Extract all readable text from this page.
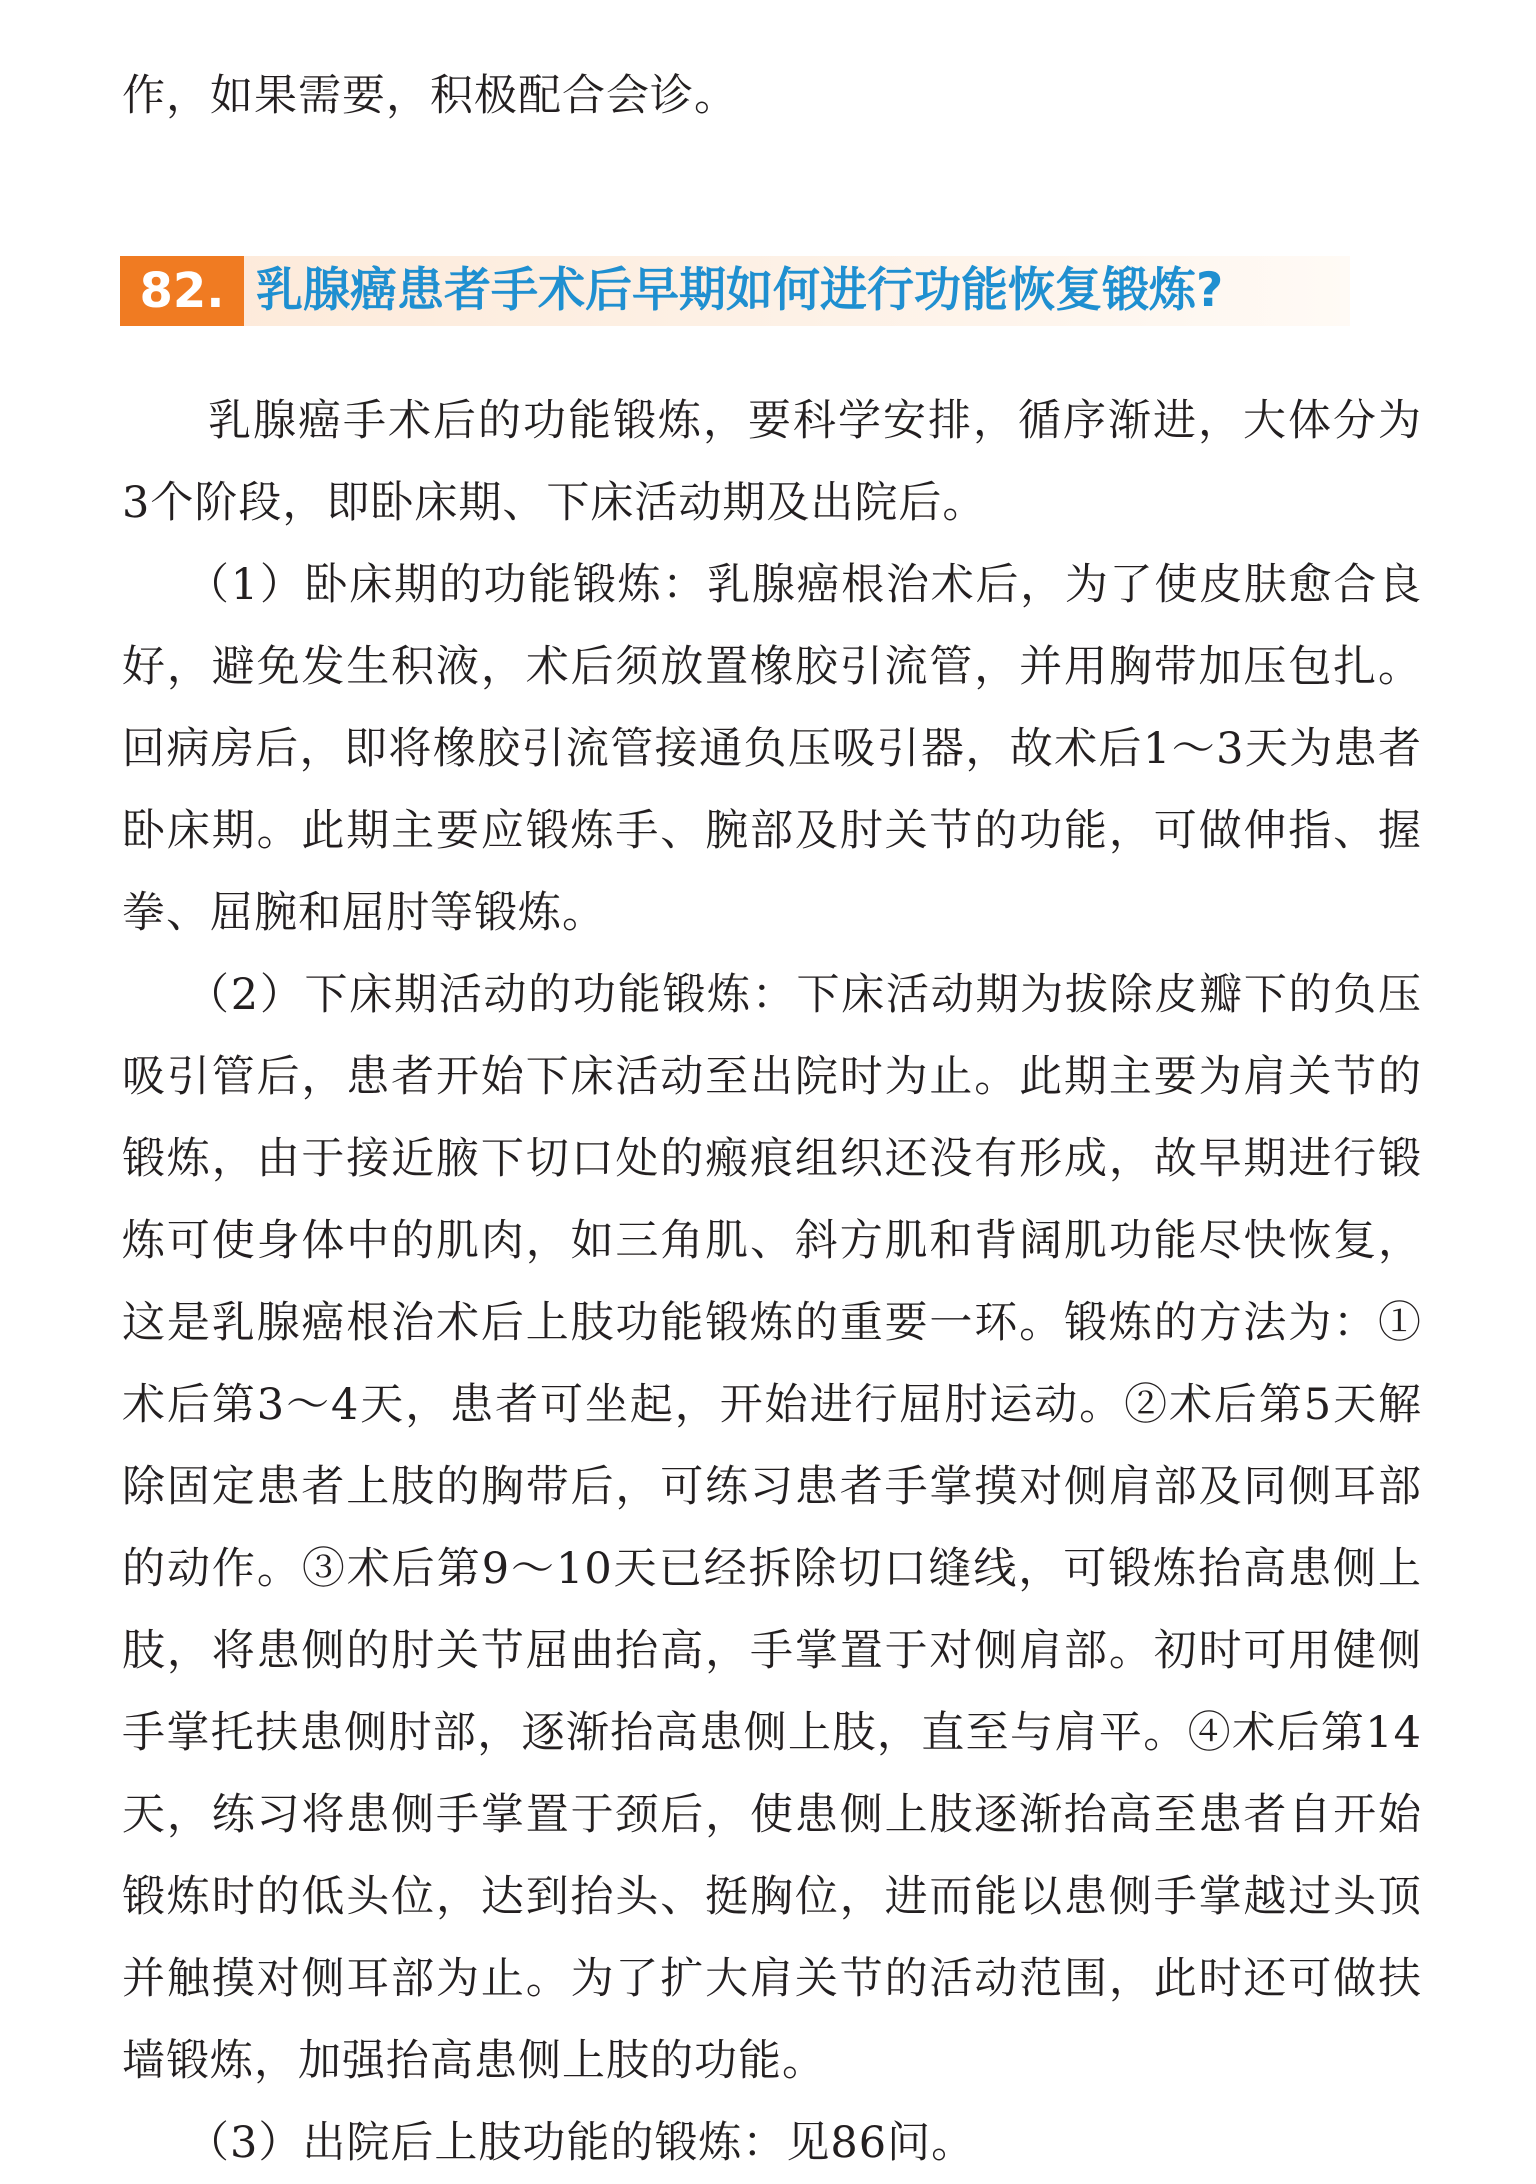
作，如果需要，积极配合会诊。

82. 乳腺癌患者手术后早期如何进行功能恢复锻炼?

乳腺癌手术后的功能锻炼，要科学安排，循序渐进，大体分为3个阶段，即卧床期、下床活动期及出院后。

（1）卧床期的功能锻炼：乳腺癌根治术后，为了使皮肤愈合良好，避免发生积液，术后须放置橡胶引流管，并用胸带加压包扎。回病房后，即将橡胶引流管接通负压吸引器，故术后1～3天为患者卧床期。此期主要应锻炼手、腕部及肘关节的功能，可做伸指、握拳、屈腕和屈肘等锻炼。

（2）下床期活动的功能锻炼：下床活动期为拔除皮瓣下的负压吸引管后，患者开始下床活动至出院时为止。此期主要为肩关节的锻炼，由于接近腋下切口处的瘢痕组织还没有形成，故早期进行锻炼可使身体中的肌肉，如三角肌、斜方肌和背阔肌功能尽快恢复，这是乳腺癌根治术后上肢功能锻炼的重要一环。锻炼的方法为：①术后第3～4天，患者可坐起，开始进行屈肘运动。②术后第5天解除固定患者上肢的胸带后，可练习患者手掌摸对侧肩部及同侧耳部的动作。③术后第9～10天已经拆除切口缝线，可锻炼抬高患侧上肢，将患侧的肘关节屈曲抬高，手掌置于对侧肩部。初时可用健侧手掌托扶患侧肘部，逐渐抬高患侧上肢，直至与肩平。④术后第14天，练习将患侧手掌置于颈后，使患侧上肢逐渐抬高至患者自开始锻炼时的低头位，达到抬头、挺胸位，进而能以患侧手掌越过头顶并触摸对侧耳部为止。为了扩大肩关节的活动范围，此时还可做扶墙锻炼，加强抬高患侧上肢的功能。

（3）出院后上肢功能的锻炼：见86问。
